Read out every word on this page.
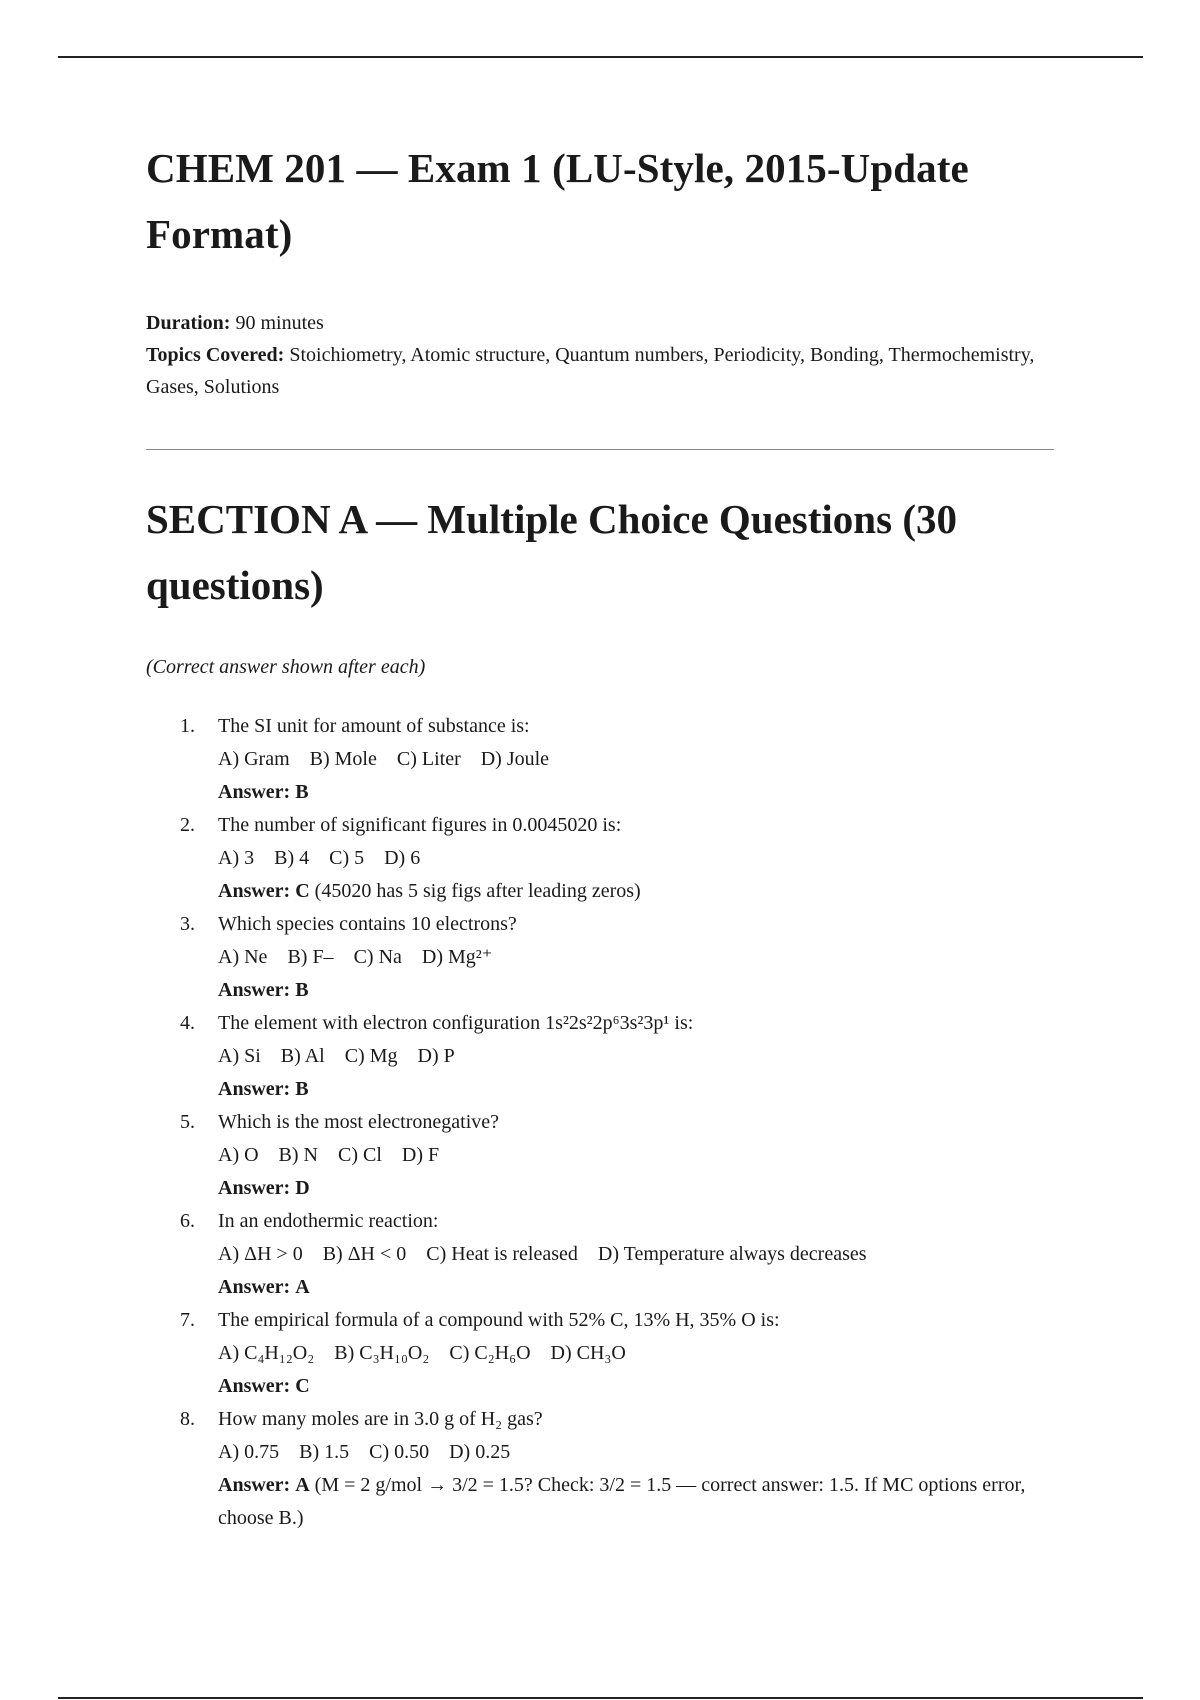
CHEM 201 — Exam 1 (LU-Style, 2015-Update Format)
Duration: 90 minutes
Topics Covered: Stoichiometry, Atomic structure, Quantum numbers, Periodicity, Bonding, Thermochemistry, Gases, Solutions
SECTION A — Multiple Choice Questions (30 questions)
(Correct answer shown after each)
1. The SI unit for amount of substance is:
A) Gram B) Mole C) Liter D) Joule
Answer: B
2. The number of significant figures in 0.0045020 is:
A) 3 B) 4 C) 5 D) 6
Answer: C (45020 has 5 sig figs after leading zeros)
3. Which species contains 10 electrons?
A) Ne B) F– C) Na D) Mg²⁺
Answer: B
4. The element with electron configuration 1s²2s²2p⁶3s²3p¹ is:
A) Si B) Al C) Mg D) P
Answer: B
5. Which is the most electronegative?
A) O B) N C) Cl D) F
Answer: D
6. In an endothermic reaction:
A) ΔH > 0 B) ΔH < 0 C) Heat is released D) Temperature always decreases
Answer: A
7. The empirical formula of a compound with 52% C, 13% H, 35% O is:
A) C₄H₁₂O₂ B) C₃H₁₀O₂ C) C₂H₆O D) CH₃O
Answer: C
8. How many moles are in 3.0 g of H₂ gas?
A) 0.75 B) 1.5 C) 0.50 D) 0.25
Answer: A (M = 2 g/mol → 3/2 = 1.5? Check: 3/2 = 1.5 — correct answer: 1.5. If MC options error, choose B.)
